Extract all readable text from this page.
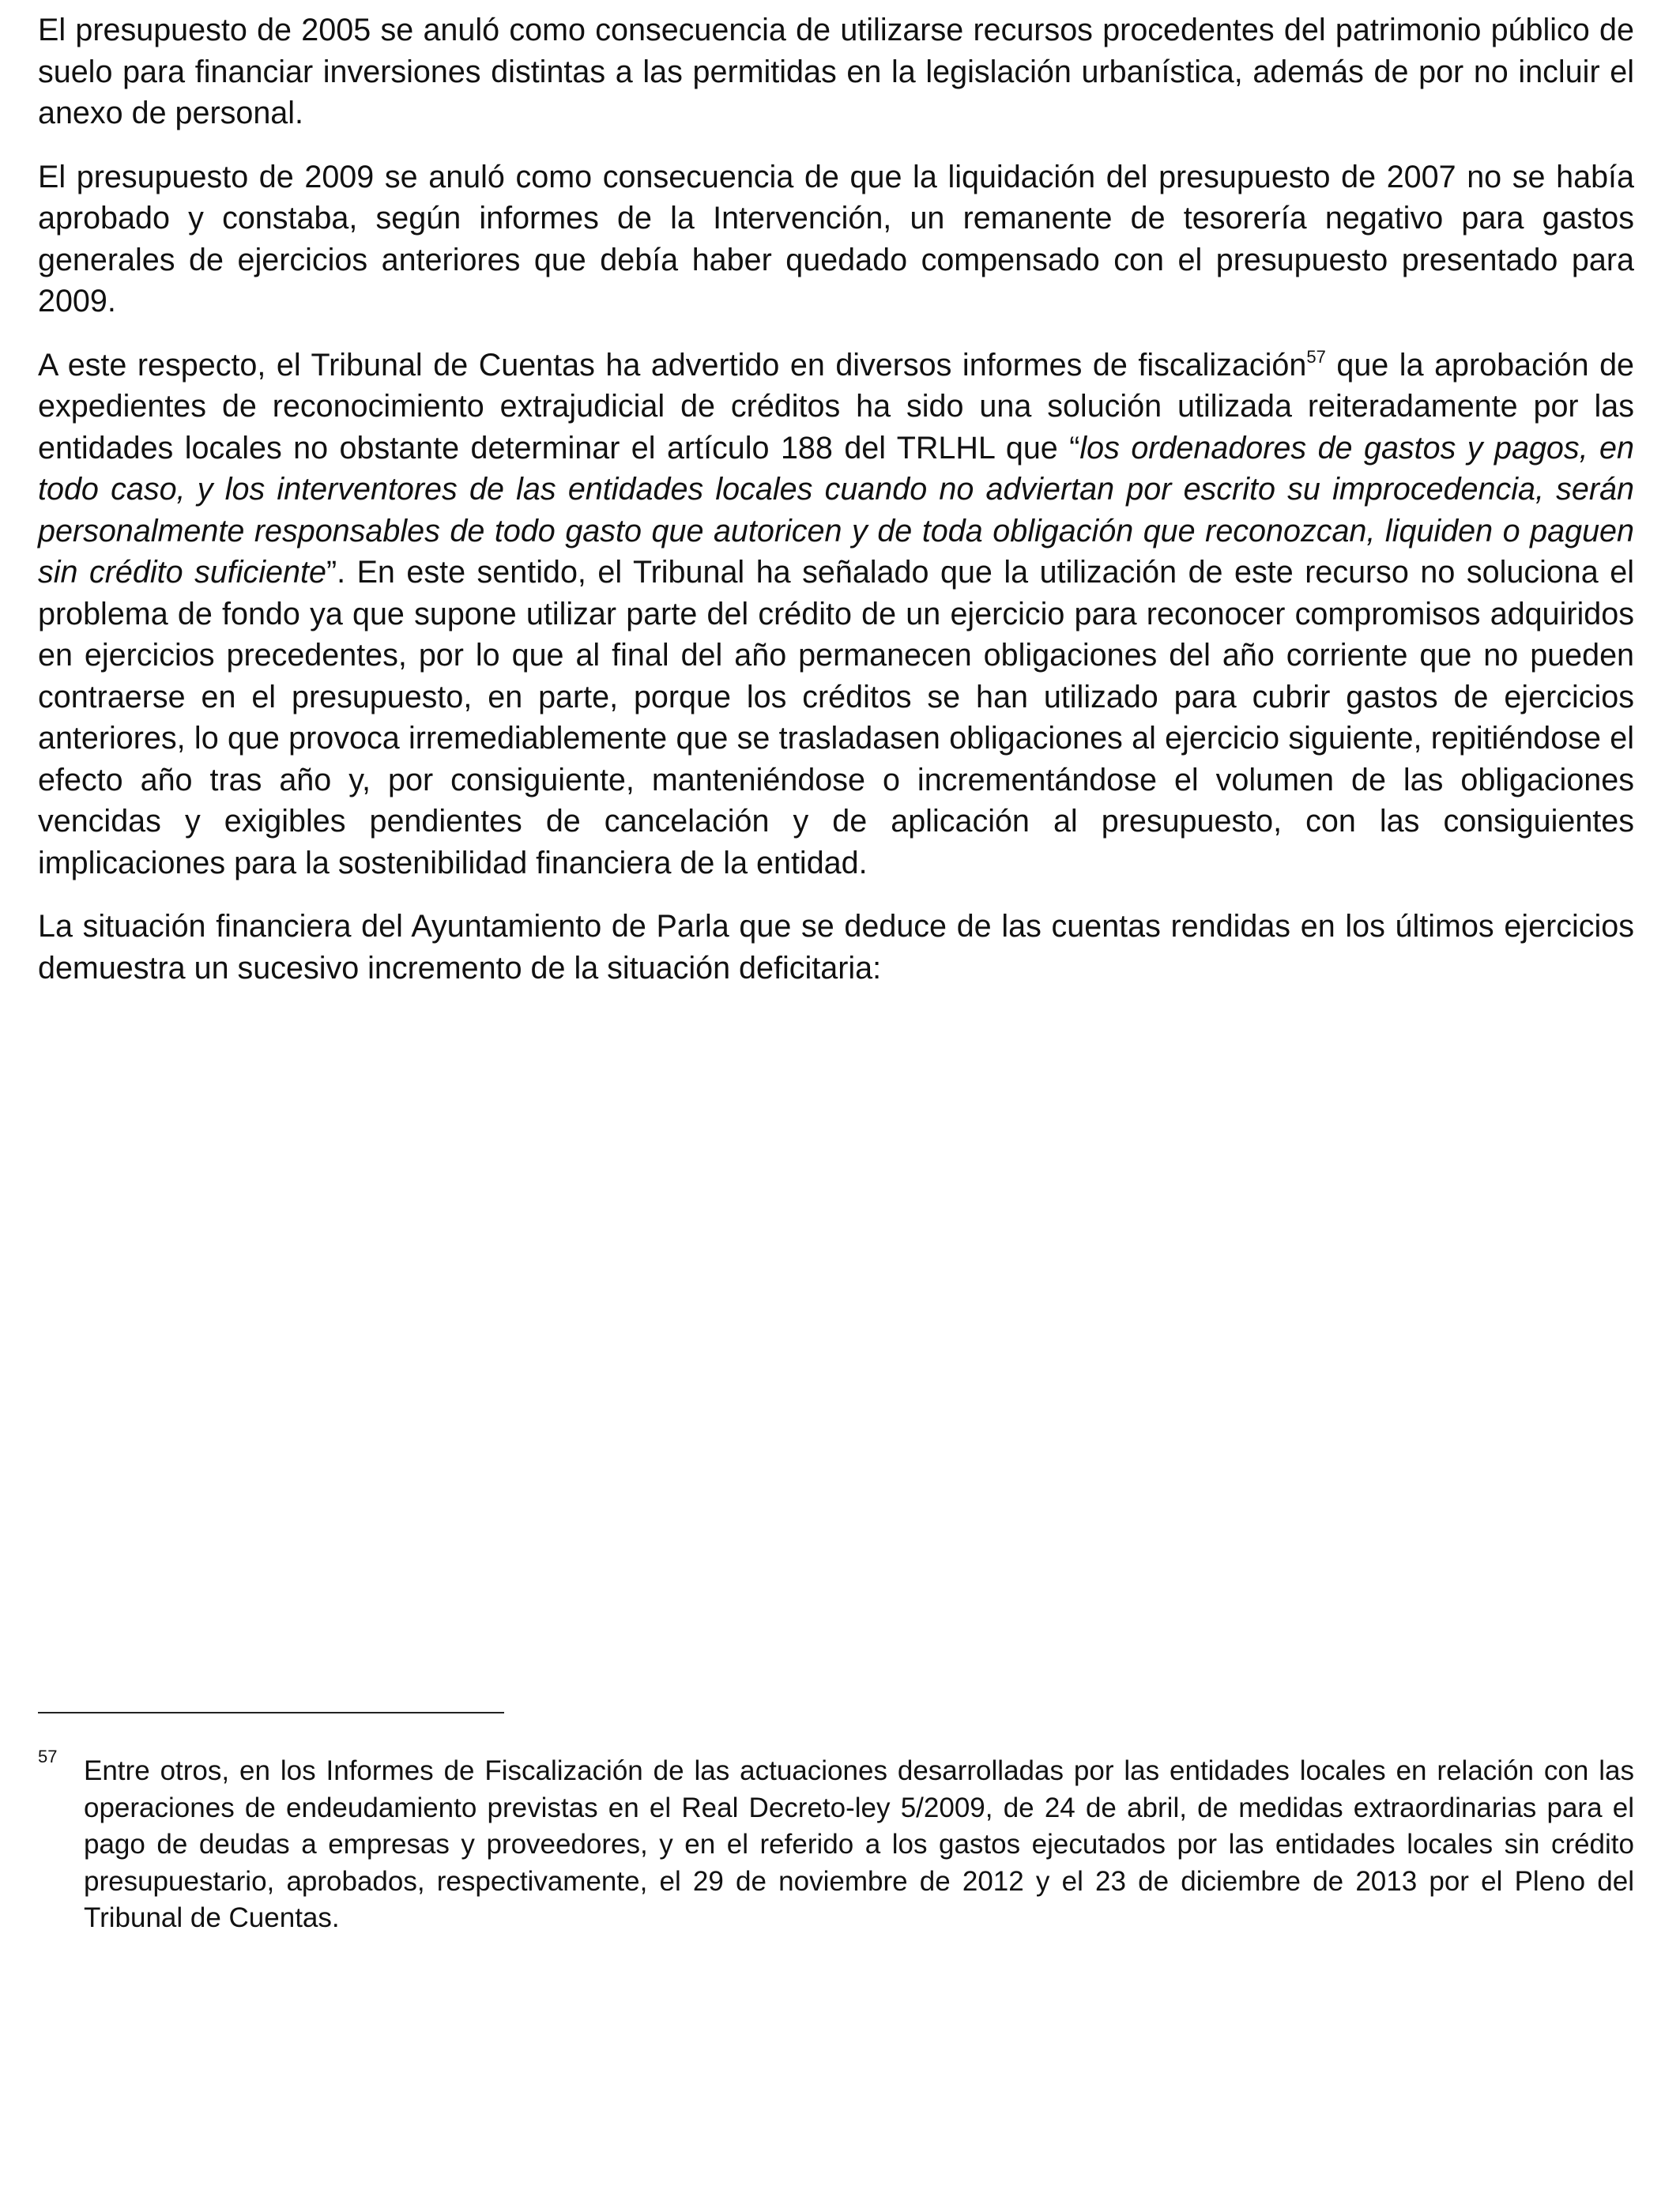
El presupuesto de 2005 se anuló como consecuencia de utilizarse recursos procedentes del patrimonio público de suelo para financiar inversiones distintas a las permitidas en la legislación urbanística, además de por no incluir el anexo de personal.

El presupuesto de 2009 se anuló como consecuencia de que la liquidación del presupuesto de 2007 no se había aprobado y constaba, según informes de la Intervención, un remanente de tesorería negativo para gastos generales de ejercicios anteriores que debía haber quedado compensado con el presupuesto presentado para 2009.

A este respecto, el Tribunal de Cuentas ha advertido en diversos informes de fiscalización$^{57}$ que la aprobación de expedientes de reconocimiento extrajudicial de créditos ha sido una solución utilizada reiteradamente por las entidades locales no obstante determinar el artículo 188 del TRLHL que “los ordenadores de gastos y pagos, en todo caso, y los interventores de las entidades locales cuando no adviertan por escrito su improcedencia, serán personalmente responsables de todo gasto que autoricen y de toda obligación que reconozcan, liquiden o paguen sin crédito suficiente”. En este sentido, el Tribunal ha señalado que la utilización de este recurso no soluciona el problema de fondo ya que supone utilizar parte del crédito de un ejercicio para reconocer compromisos adquiridos en ejercicios precedentes, por lo que al final del año permanecen obligaciones del año corriente que no pueden contraerse en el presupuesto, en parte, porque los créditos se han utilizado para cubrir gastos de ejercicios anteriores, lo que provoca irremediablemente que se trasladasen obligaciones al ejercicio siguiente, repitiéndose el efecto año tras año y, por consiguiente, manteniéndose o incrementándose el volumen de las obligaciones vencidas y exigibles pendientes de cancelación y de aplicación al presupuesto, con las consiguientes implicaciones para la sostenibilidad financiera de la entidad.

La situación financiera del Ayuntamiento de Parla que se deduce de las cuentas rendidas en los últimos ejercicios demuestra un sucesivo incremento de la situación deficitaria:

57 Entre otros, en los Informes de Fiscalización de las actuaciones desarrolladas por las entidades locales en relación con las operaciones de endeudamiento previstas en el Real Decreto-ley 5/2009, de 24 de abril, de medidas extraordinarias para el pago de deudas a empresas y proveedores, y en el referido a los gastos ejecutados por las entidades locales sin crédito presupuestario, aprobados, respectivamente, el 29 de noviembre de 2012 y el 23 de diciembre de 2013 por el Pleno del Tribunal de Cuentas.
